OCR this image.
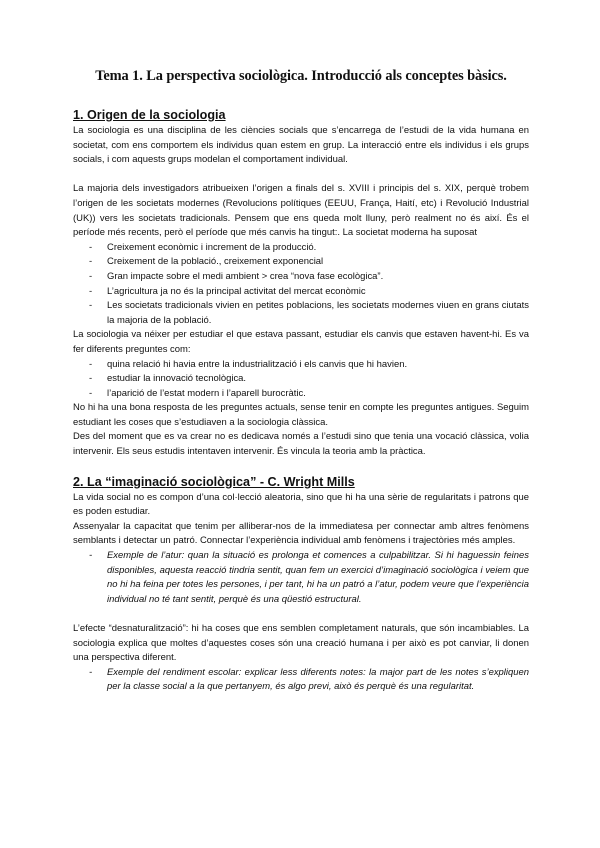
Tema 1. La perspectiva sociològica. Introducció als conceptes bàsics.
1. Origen de la sociologia

La sociologia es una disciplina de les ciències socials que s’encarrega de l’estudi de la vida humana en societat, com ens comportem els individus quan estem en grup. La interacció entre els individus i els grups socials, i com aquests grups modelan el comportament individual.

La majoria dels investigadors atribueixen l’origen a finals del s. XVIII i principis del s. XIX, perquè trobem l’origen de les societats modernes (Revolucions polítiques (EEUU, França, Haití, etc) i Revolució Industrial (UK)) vers les societats tradicionals. Pensem que ens queda molt lluny, però realment no és així. És el període més recents, però el període que més canvis ha tingut:. La societat moderna ha suposat

- Creixement econòmic i increment de la producció.
- Creixement de la població., creixement exponencial
- Gran impacte sobre el medi ambient > crea “nova fase ecològica”.
- L’agricultura ja no és la principal activitat del mercat econòmic
- Les societats tradicionals vivien en petites poblacions, les societats modernes viuen en grans ciutats la majoria de la població.

La sociologia va néixer per estudiar el que estava passant, estudiar els canvis que estaven havent-hi. Es va fer diferents preguntes com:

- quina relació hi havia entre la industrialització i els canvis que hi havien.
- estudiar la innovació tecnològica.
- l’aparició de l’estat modern i l’aparell burocràtic.

No hi ha una bona resposta de les preguntes actuals, sense tenir en compte les preguntes antigues. Seguim estudiant les coses que s’estudiaven a la sociologia clàssica.

Des del moment que es va crear no es dedicava només a l’estudi sino que tenia una vocació clàssica, volia intervenir. Els seus estudis intentaven intervenir. És vincula la teoria amb la pràctica.

2. La “imaginació sociològica” - C. Wright Mills

La vida social no es compon d’una col·lecció aleatoria, sino que hi ha una sèrie de regularitats i patrons que es poden estudiar.

Assenyalar la capacitat que tenim per alliberar-nos de la immediatesa per connectar amb altres fenòmens semblants i detectar un patró. Connectar l’experiència individual amb fenòmens i trajectòries més amples.

- Exemple de l’atur: quan la situació es prolonga et comences a culpabilitzar. Si hi haguessin feines disponibles, aquesta reacció tindria sentit, quan fem un exercici d’imaginació sociològica i veiem que no hi ha feina per totes les persones, i per tant, hi ha un patró a l’atur, podem veure que l’experiència individual no té tant sentit, perquè és una qüestió estructural.

L’efecte “desnaturalització”: hi ha coses que ens semblen completament naturals, que són incambiables. La sociologia explica que moltes d’aquestes coses són una creació humana i per això es pot canviar, li donen una perspectiva diferent.

- Exemple del rendiment escolar: explicar less diferents notes: la major part de les notes s’expliquen per la classe social a la que pertanyem, és algo previ, això és perquè és una regularitat.
